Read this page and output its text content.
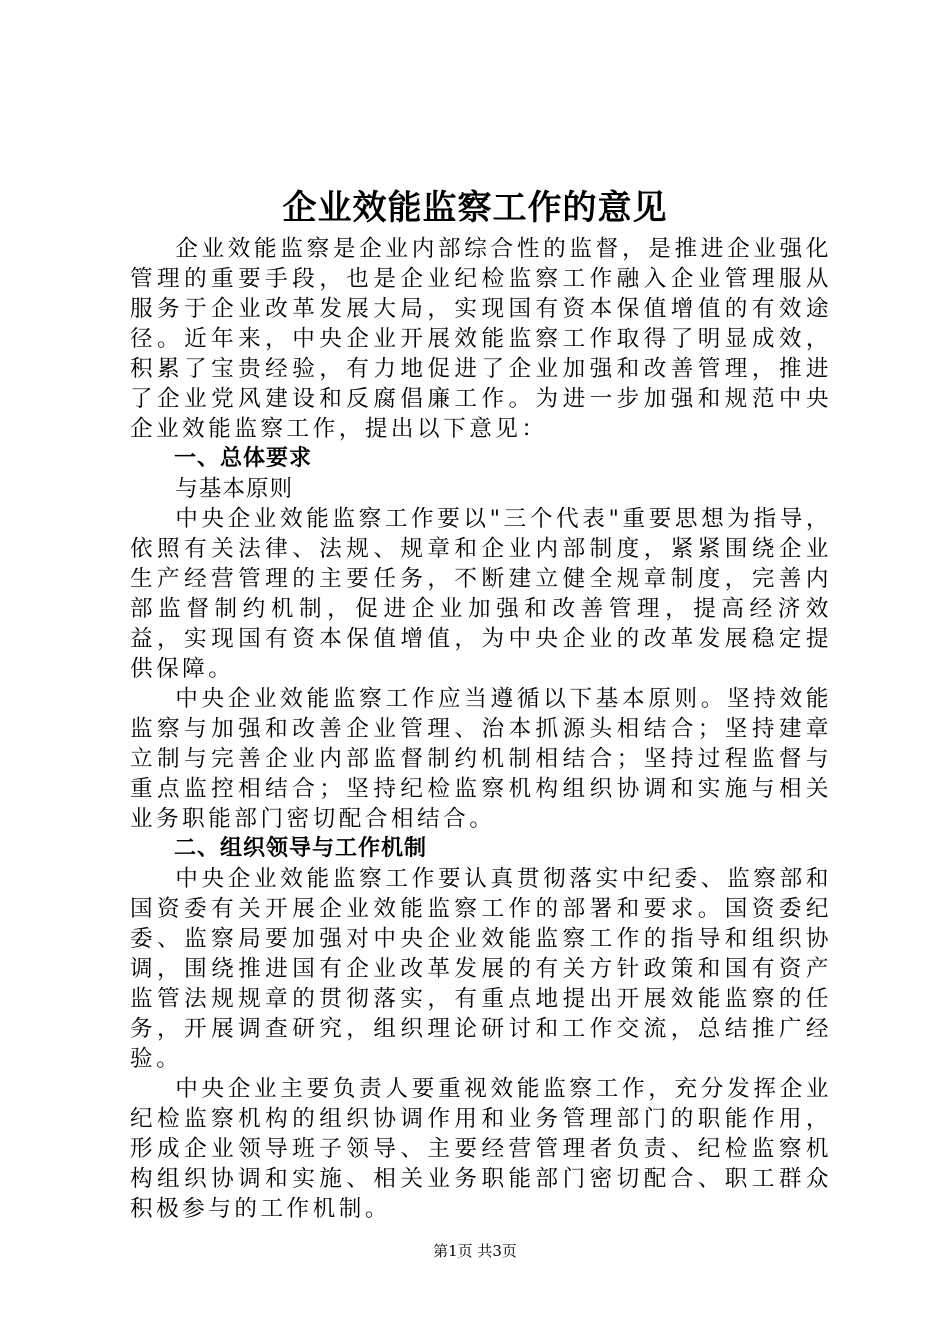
企业效能监察工作的意见

企业效能监察是企业内部综合性的监督，是推进企业强化管理的重要手段，也是企业纪检监察工作融入企业管理服从服务于企业改革发展大局，实现国有资本保值增值的有效途径。近年来，中央企业开展效能监察工作取得了明显成效，积累了宝贵经验，有力地促进了企业加强和改善管理，推进了企业党风建设和反腐倡廉工作。为进一步加强和规范中央企业效能监察工作，提出以下意见：

一、总体要求

与基本原则

中央企业效能监察工作要以"三个代表"重要思想为指导，依照有关法律、法规、规章和企业内部制度，紧紧围绕企业生产经营管理的主要任务，不断建立健全规章制度，完善内部监督制约机制，促进企业加强和改善管理，提高经济效益，实现国有资本保值增值，为中央企业的改革发展稳定提供保障。

中央企业效能监察工作应当遵循以下基本原则。坚持效能监察与加强和改善企业管理、治本抓源头相结合；坚持建章立制与完善企业内部监督制约机制相结合；坚持过程监督与重点监控相结合；坚持纪检监察机构组织协调和实施与相关业务职能部门密切配合相结合。

二、组织领导与工作机制

中央企业效能监察工作要认真贯彻落实中纪委、监察部和国资委有关开展企业效能监察工作的部署和要求。国资委纪委、监察局要加强对中央企业效能监察工作的指导和组织协调，围绕推进国有企业改革发展的有关方针政策和国有资产监管法规规章的贯彻落实，有重点地提出开展效能监察的任务，开展调查研究，组织理论研讨和工作交流，总结推广经验。

中央企业主要负责人要重视效能监察工作，充分发挥企业纪检监察机构的组织协调作用和业务管理部门的职能作用，形成企业领导班子领导、主要经营管理者负责、纪检监察机构组织协调和实施、相关业务职能部门密切配合、职工群众积极参与的工作机制。

第1页 共3页
